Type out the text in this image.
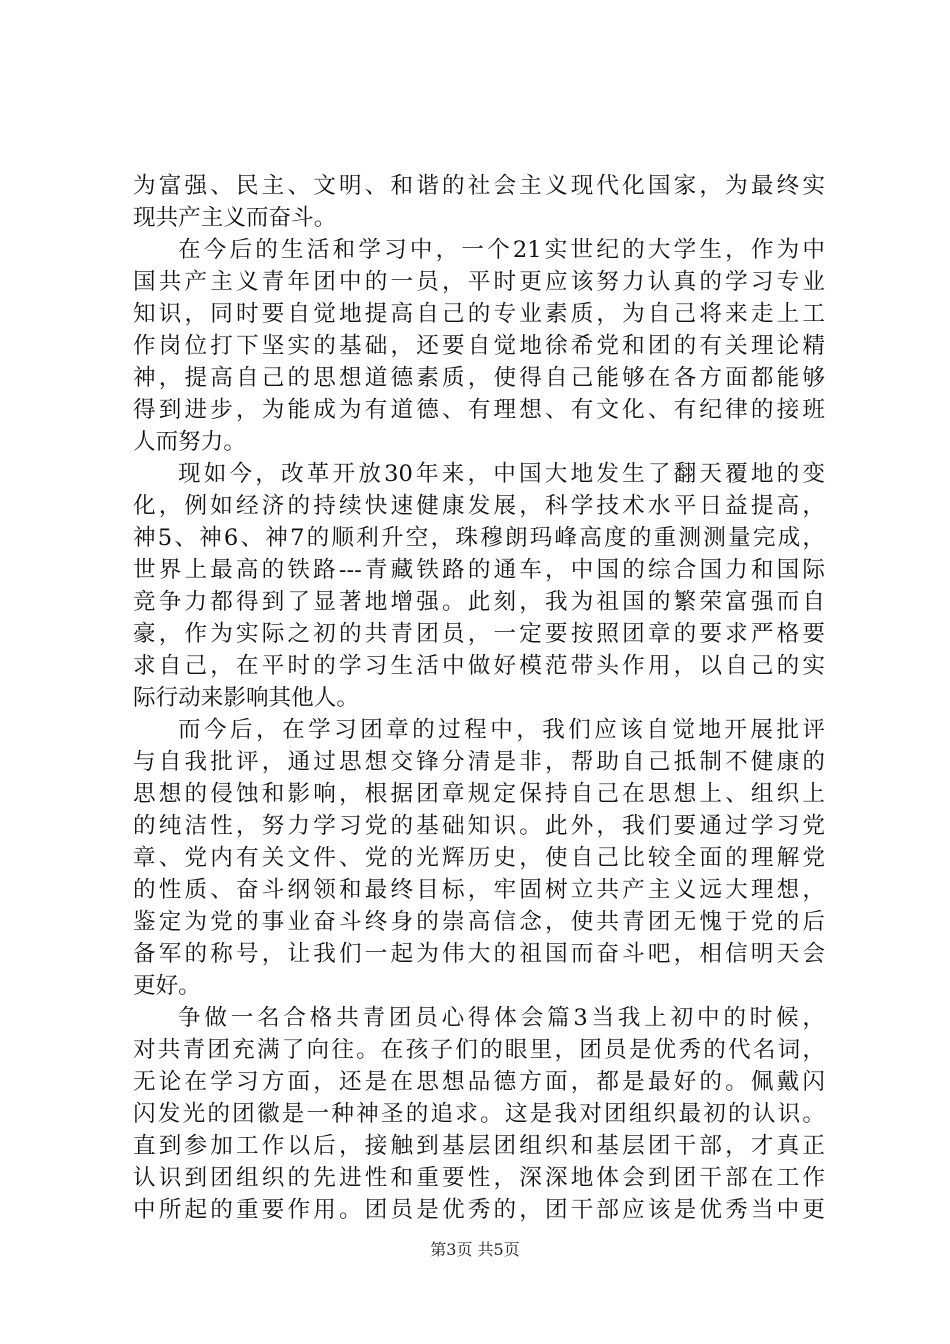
为富强、民主、文明、和谐的社会主义现代化国家，为最终实
现共产主义而奋斗。
在今后的生活和学习中，一个21实世纪的大学生，作为中
国共产主义青年团中的一员，平时更应该努力认真的学习专业
知识，同时要自觉地提高自己的专业素质，为自己将来走上工
作岗位打下坚实的基础，还要自觉地徐希党和团的有关理论精
神，提高自己的思想道德素质，使得自己能够在各方面都能够
得到进步，为能成为有道德、有理想、有文化、有纪律的接班
人而努力。
现如今，改革开放30年来，中国大地发生了翻天覆地的变
化，例如经济的持续快速健康发展，科学技术水平日益提高，
神5、神6、神7的顺利升空，珠穆朗玛峰高度的重测测量完成，
世界上最高的铁路---青藏铁路的通车，中国的综合国力和国际
竞争力都得到了显著地增强。此刻，我为祖国的繁荣富强而自
豪，作为实际之初的共青团员，一定要按照团章的要求严格要
求自己，在平时的学习生活中做好模范带头作用，以自己的实
际行动来影响其他人。
而今后，在学习团章的过程中，我们应该自觉地开展批评
与自我批评，通过思想交锋分清是非，帮助自己抵制不健康的
思想的侵蚀和影响，根据团章规定保持自己在思想上、组织上
的纯洁性，努力学习党的基础知识。此外，我们要通过学习党
章、党内有关文件、党的光辉历史，使自己比较全面的理解党
的性质、奋斗纲领和最终目标，牢固树立共产主义远大理想，
鉴定为党的事业奋斗终身的崇高信念，使共青团无愧于党的后
备军的称号，让我们一起为伟大的祖国而奋斗吧，相信明天会
更好。
争做一名合格共青团员心得体会篇3当我上初中的时候，
对共青团充满了向往。在孩子们的眼里，团员是优秀的代名词，
无论在学习方面，还是在思想品德方面，都是最好的。佩戴闪
闪发光的团徽是一种神圣的追求。这是我对团组织最初的认识。
直到参加工作以后，接触到基层团组织和基层团干部，才真正
认识到团组织的先进性和重要性，深深地体会到团干部在工作
中所起的重要作用。团员是优秀的，团干部应该是优秀当中更
第3页 共5页
